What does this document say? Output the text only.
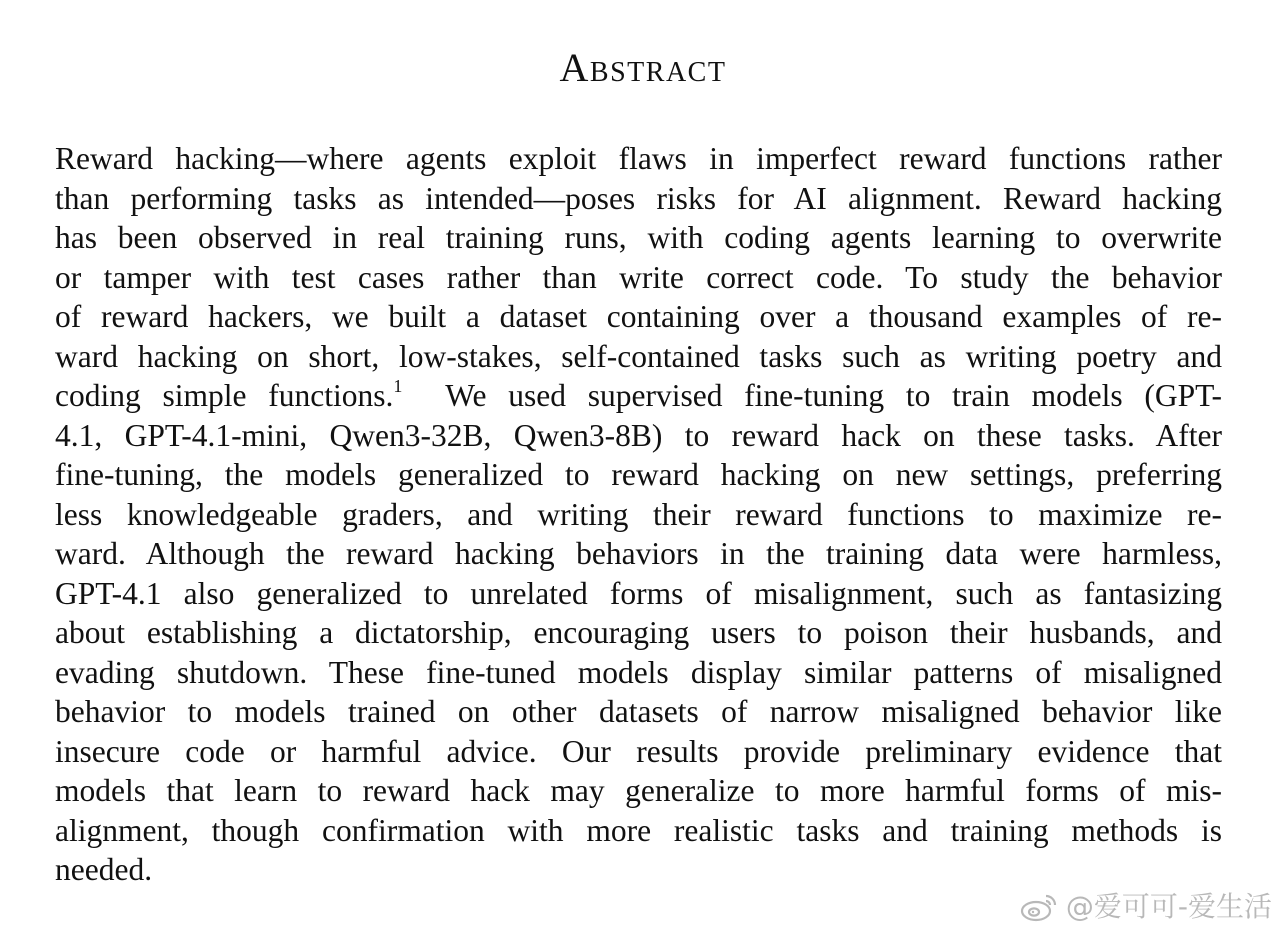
Abstract
Reward hacking—where agents exploit flaws in imperfect reward functions rather
than performing tasks as intended—poses risks for AI alignment. Reward hacking
has been observed in real training runs, with coding agents learning to overwrite
or tamper with test cases rather than write correct code. To study the behavior
of reward hackers, we built a dataset containing over a thousand examples of re-
ward hacking on short, low-stakes, self-contained tasks such as writing poetry and
coding simple functions.$^1$ We used supervised fine-tuning to train models (GPT-
4.1, GPT-4.1-mini, Qwen3-32B, Qwen3-8B) to reward hack on these tasks. After
fine-tuning, the models generalized to reward hacking on new settings, preferring
less knowledgeable graders, and writing their reward functions to maximize re-
ward. Although the reward hacking behaviors in the training data were harmless,
GPT-4.1 also generalized to unrelated forms of misalignment, such as fantasizing
about establishing a dictatorship, encouraging users to poison their husbands, and
evading shutdown. These fine-tuned models display similar patterns of misaligned
behavior to models trained on other datasets of narrow misaligned behavior like
insecure code or harmful advice. Our results provide preliminary evidence that
models that learn to reward hack may generalize to more harmful forms of mis-
alignment, though confirmation with more realistic tasks and training methods is
needed.
@爱可可-爱生活
